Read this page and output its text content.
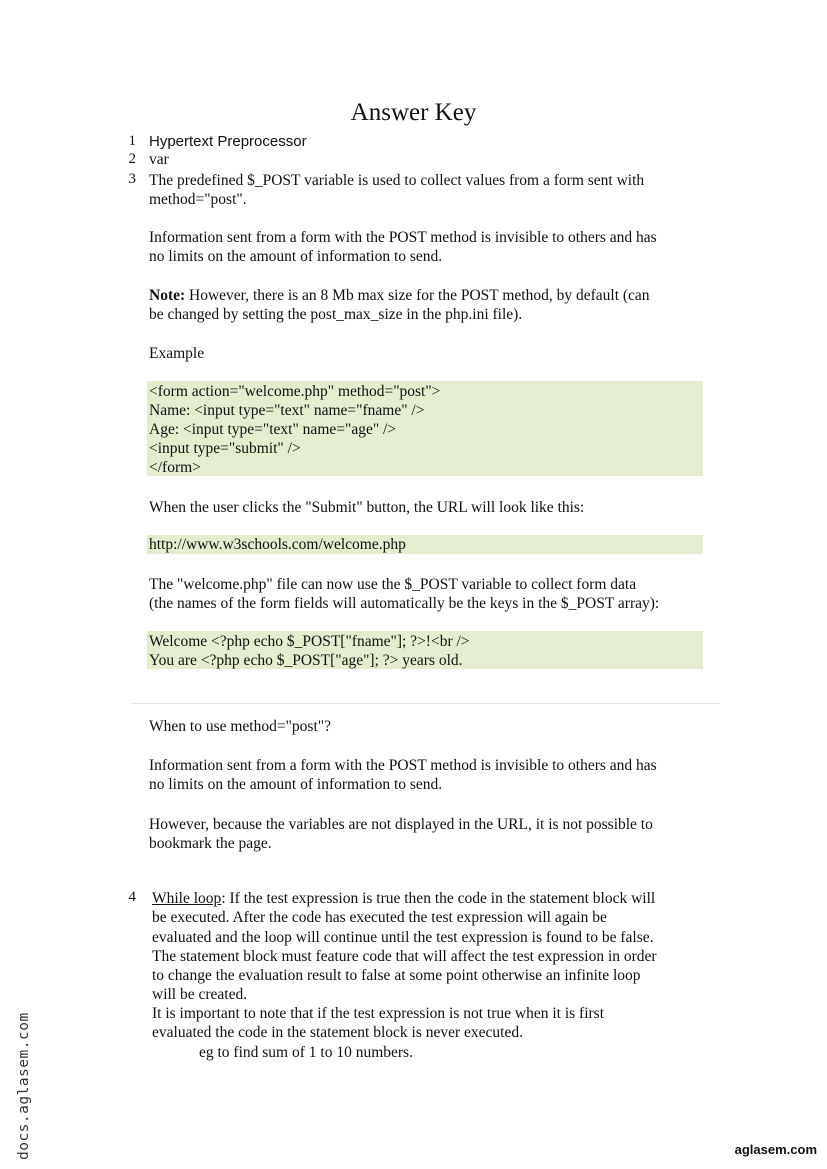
Answer Key
1 Hypertext Preprocessor
2 var
3 The predefined $_POST variable is used to collect values from a form sent with
method="post".
Information sent from a form with the POST method is invisible to others and has
no limits on the amount of information to send.
Note: However, there is an 8 Mb max size for the POST method, by default (can
be changed by setting the post_max_size in the php.ini file).
Example
<form action="welcome.php" method="post">
Name: <input type="text" name="fname" />
Age: <input type="text" name="age" />
<input type="submit" />
</form>
When the user clicks the "Submit" button, the URL will look like this:
http://www.w3schools.com/welcome.php
The "welcome.php" file can now use the $_POST variable to collect form data
(the names of the form fields will automatically be the keys in the $_POST array):
Welcome <?php echo $_POST["fname"]; ?>!<br />
You are <?php echo $_POST["age"]; ?> years old.
When to use method="post"?
Information sent from a form with the POST method is invisible to others and has
no limits on the amount of information to send.
However, because the variables are not displayed in the URL, it is not possible to
bookmark the page.
4 While loop: If the test expression is true then the code in the statement block will
be executed. After the code has executed the test expression will again be
evaluated and the loop will continue until the test expression is found to be false.
The statement block must feature code that will affect the test expression in order
to change the evaluation result to false at some point otherwise an infinite loop
will be created.
It is important to note that if the test expression is not true when it is first
evaluated the code in the statement block is never executed.
eg to find sum of 1 to 10 numbers.
docs.aglasem.com	aglasem.com
